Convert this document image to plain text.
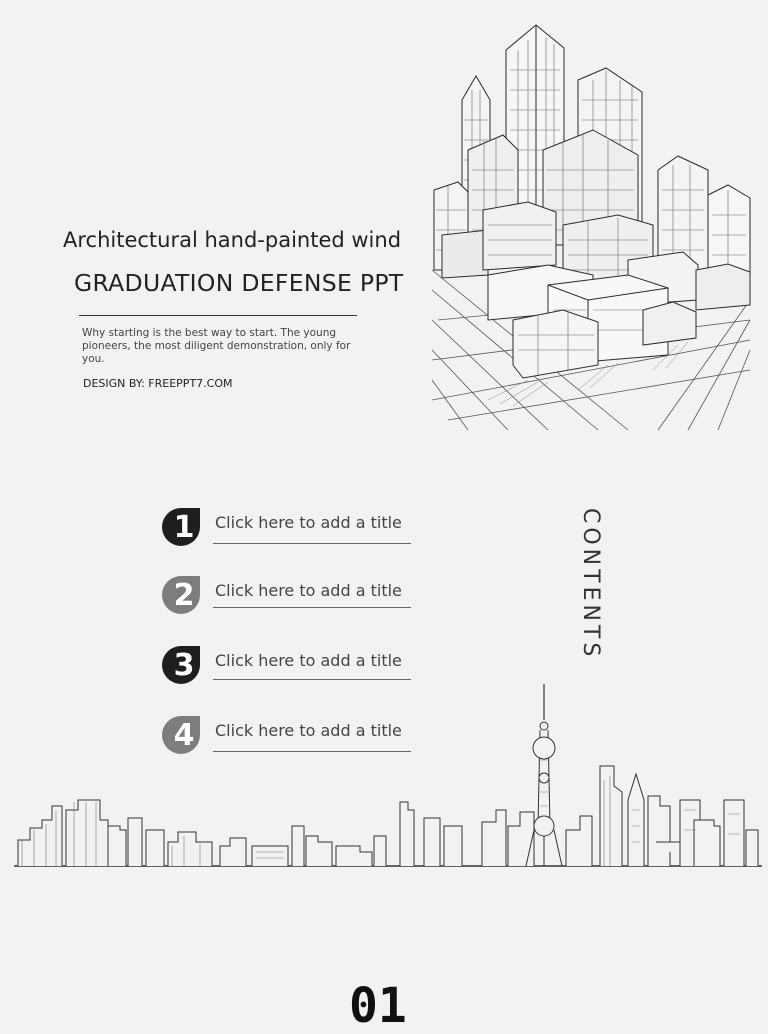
Architectural hand-painted wind
GRADUATION DEFENSE PPT
Why starting is the best way to start. The young pioneers, the most diligent demonstration, only for you.
DESIGN BY: FREEPPT7.COM
1 Click here to add a title
2 Click here to add a title
3 Click here to add a title
4 Click here to add a title
CONTENTS
01
